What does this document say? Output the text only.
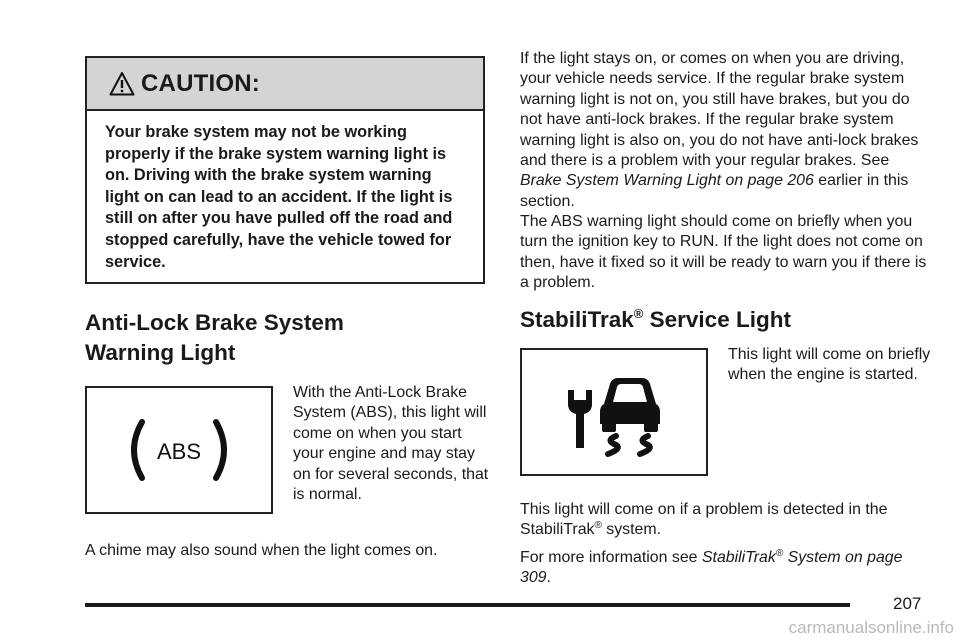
CAUTION:

Your brake system may not be working properly if the brake system warning light is on. Driving with the brake system warning light on can lead to an accident. If the light is still on after you have pulled off the road and stopped carefully, have the vehicle towed for service.

Anti-Lock Brake System
Warning Light
ABS

With the Anti-Lock Brake System (ABS), this light will come on when you start your engine and may stay on for several seconds, that is normal.

A chime may also sound when the light comes on.

If the light stays on, or comes on when you are driving, your vehicle needs service. If the regular brake system warning light is not on, you still have brakes, but you do not have anti-lock brakes. If the regular brake system warning light is also on, you do not have anti-lock brakes and there is a problem with your regular brakes. See Brake System Warning Light on page 206 earlier in this section.

The ABS warning light should come on briefly when you turn the ignition key to RUN. If the light does not come on then, have it fixed so it will be ready to warn you if there is a problem.

StabiliTrak® Service Light

This light will come on briefly when the engine is started.

This light will come on if a problem is detected in the StabiliTrak® system.

For more information see StabiliTrak® System on page 309.

207
carmanualsonline.info
